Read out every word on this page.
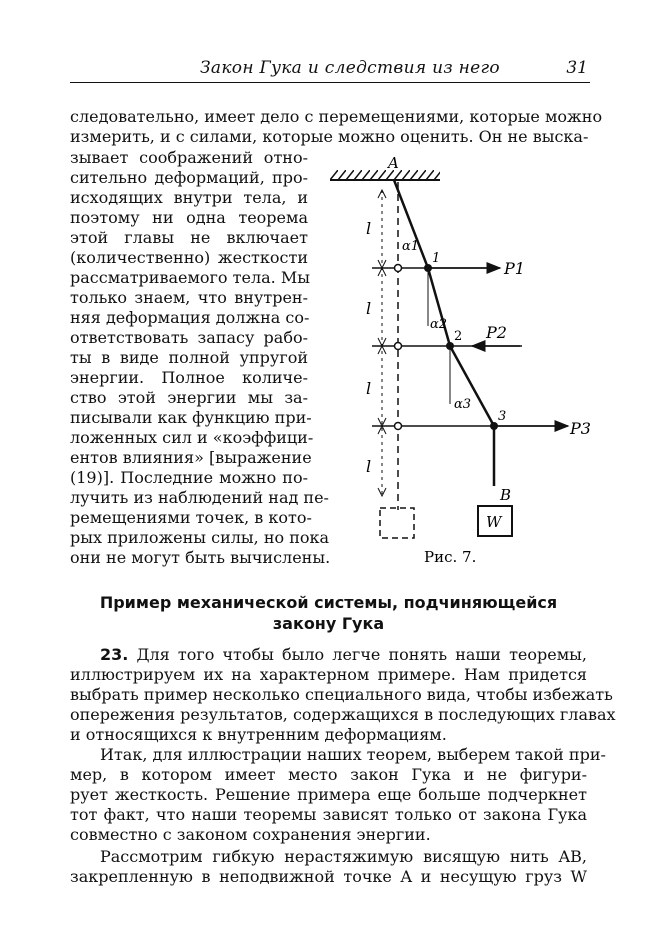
Закон Гука и следствия из него	31
следовательно, имеет дело с перемещениями, которые можно
измерить, и с силами, которые можно оценить. Он не выска-
зывает соображений отно-
сительно деформаций, про-
исходящих внутри тела, и
поэтому ни одна теорема
этой главы не включает
(количественно) жесткости
рассматриваемого тела. Мы
только знаем, что внутрен-
няя деформация должна со-
ответствовать запасу рабо-
ты в виде полной упругой
энергии. Полное количе-
ство этой энергии мы за-
писывали как функцию при-
ложенных сил и «коэффици-
ентов влияния» [выражение
(19)]. Последние можно по-
лучить из наблюдений над пе-
ремещениями точек, в кото-
рых приложены силы, но пока
они не могут быть вычислены.
A
l
l
l
l
P1
P2
P3
α1
α2
α3
1
2
3
B
W
Рис. 7.
Пример механической системы, подчиняющейся
закону Гука
23. Для того чтобы было легче понять наши теоремы,
иллюстрируем их на характерном примере. Нам придется
выбрать пример несколько специального вида, чтобы избежать
опережения результатов, содержащихся в последующих главах
и относящихся к внутренним деформациям.
Итак, для иллюстрации наших теорем, выберем такой при-
мер, в котором имеет место закон Гука и не фигури-
рует жесткость. Решение примера еще больше подчеркнет
тот факт, что наши теоремы зависят только от закона Гука
совместно с законом сохранения энергии.
Рассмотрим гибкую нерастяжимую висящую нить AB,
закрепленную в неподвижной точке A и несущую груз W
